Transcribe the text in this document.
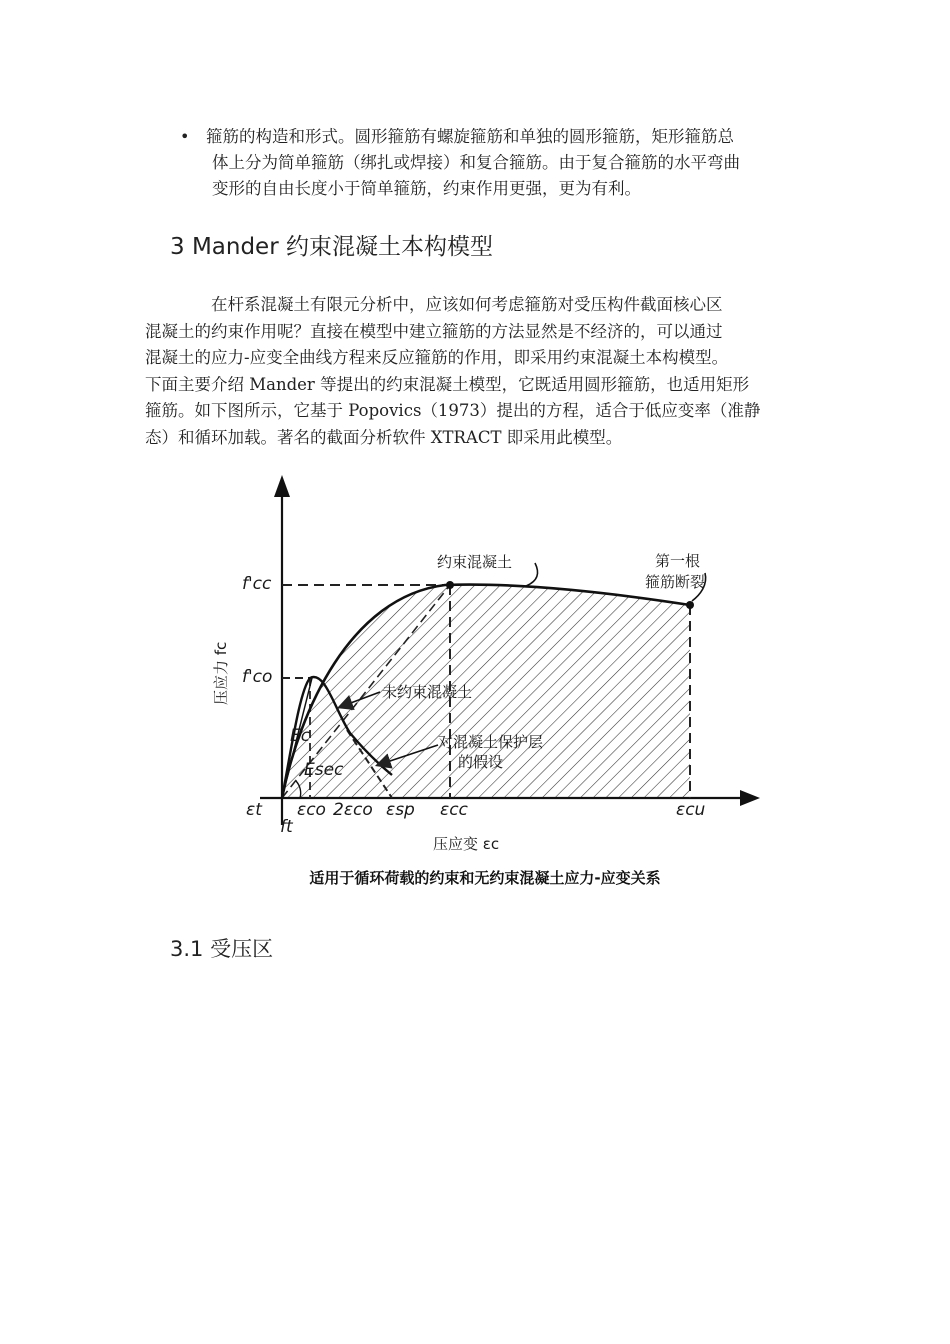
•	箍筋的构造和形式。圆形箍筋有螺旋箍筋和单独的圆形箍筋，矩形箍筋总
体上分为简单箍筋（绑扎或焊接）和复合箍筋。由于复合箍筋的水平弯曲
变形的自由长度小于简单箍筋，约束作用更强，更为有利。
3 Mander 约束混凝土本构模型
在杆系混凝土有限元分析中，应该如何考虑箍筋对受压构件截面核心区
混凝土的约束作用呢？直接在模型中建立箍筋的方法显然是不经济的，可以通过
混凝土的应力-应变全曲线方程来反应箍筋的作用，即采用约束混凝土本构模型。
下面主要介绍 Mander 等提出的约束混凝土模型，它既适用圆形箍筋，也适用矩形
箍筋。如下图所示，它基于 Popovics（1973）提出的方程，适合于低应变率（准静
态）和循环加载。著名的截面分析软件 XTRACT 即采用此模型。
约束混凝土	第一根
箍筋断裂
未约束混凝土
对混凝土保护层
的假设
f'cc
f'co
Ec
Esec
压应力 fc
εt
ft
εco 2εco εsp εcc	εcu
压应变 εc
适用于循环荷载的约束和无约束混凝土应力-应变关系
3.1 受压区
